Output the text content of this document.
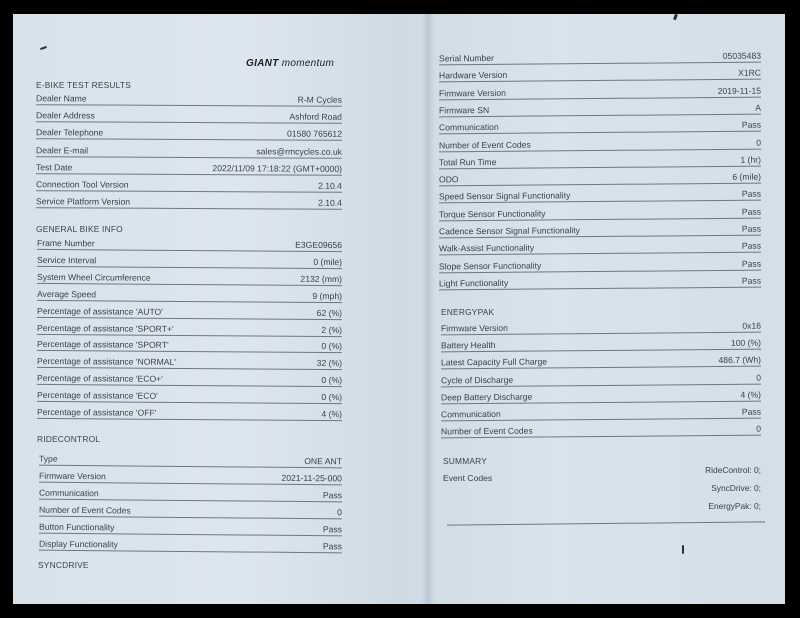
GIANT momentum
E-BIKE TEST RESULTS
Dealer Name	R-M Cycles
Dealer Address	Ashford Road
Dealer Telephone	01580 765612
Dealer E-mail	sales@rmcycles.co.uk
Test Date	2022/11/09 17:18:22 (GMT+0000)
Connection Tool Version	2.10.4
Service Platform Version	2.10.4
GENERAL BIKE INFO
Frame Number	E3GE09656
Service Interval	0 (mile)
System Wheel Circumference	2132 (mm)
Average Speed	9 (mph)
Percentage of assistance 'AUTO'	62 (%)
Percentage of assistance 'SPORT+'	2 (%)
Percentage of assistance 'SPORT'	0 (%)
Percentage of assistance 'NORMAL'	32 (%)
Percentage of assistance 'ECO+'	0 (%)
Percentage of assistance 'ECO'	0 (%)
Percentage of assistance 'OFF'	4 (%)
RIDECONTROL
Type	ONE ANT
Firmware Version	2021-11-25-000
Communication	Pass
Number of Event Codes	0
Button Functionality	Pass
Display Functionality	Pass
SYNCDRIVE
Serial Number	05035483
Hardware Version	X1RC
Firmware Version	2019-11-15
Firmware SN	A
Communication	Pass
Number of Event Codes	0
Total Run Time	1 (hr)
ODO	6 (mile)
Speed Sensor Signal Functionality	Pass
Torque Sensor Functionality	Pass
Cadence Sensor Signal Functionality	Pass
Walk-Assist Functionality	Pass
Slope Sensor Functionality	Pass
Light Functionality	Pass
ENERGYPAK
Firmware Version	0x16
Battery Health	100 (%)
Latest Capacity Full Charge	486.7 (Wh)
Cycle of Discharge	0
Deep Battery Discharge	4 (%)
Communication	Pass
Number of Event Codes	0
SUMMARY
Event Codes
RideControl: 0;
SyncDrive: 0;
EnergyPak: 0;
